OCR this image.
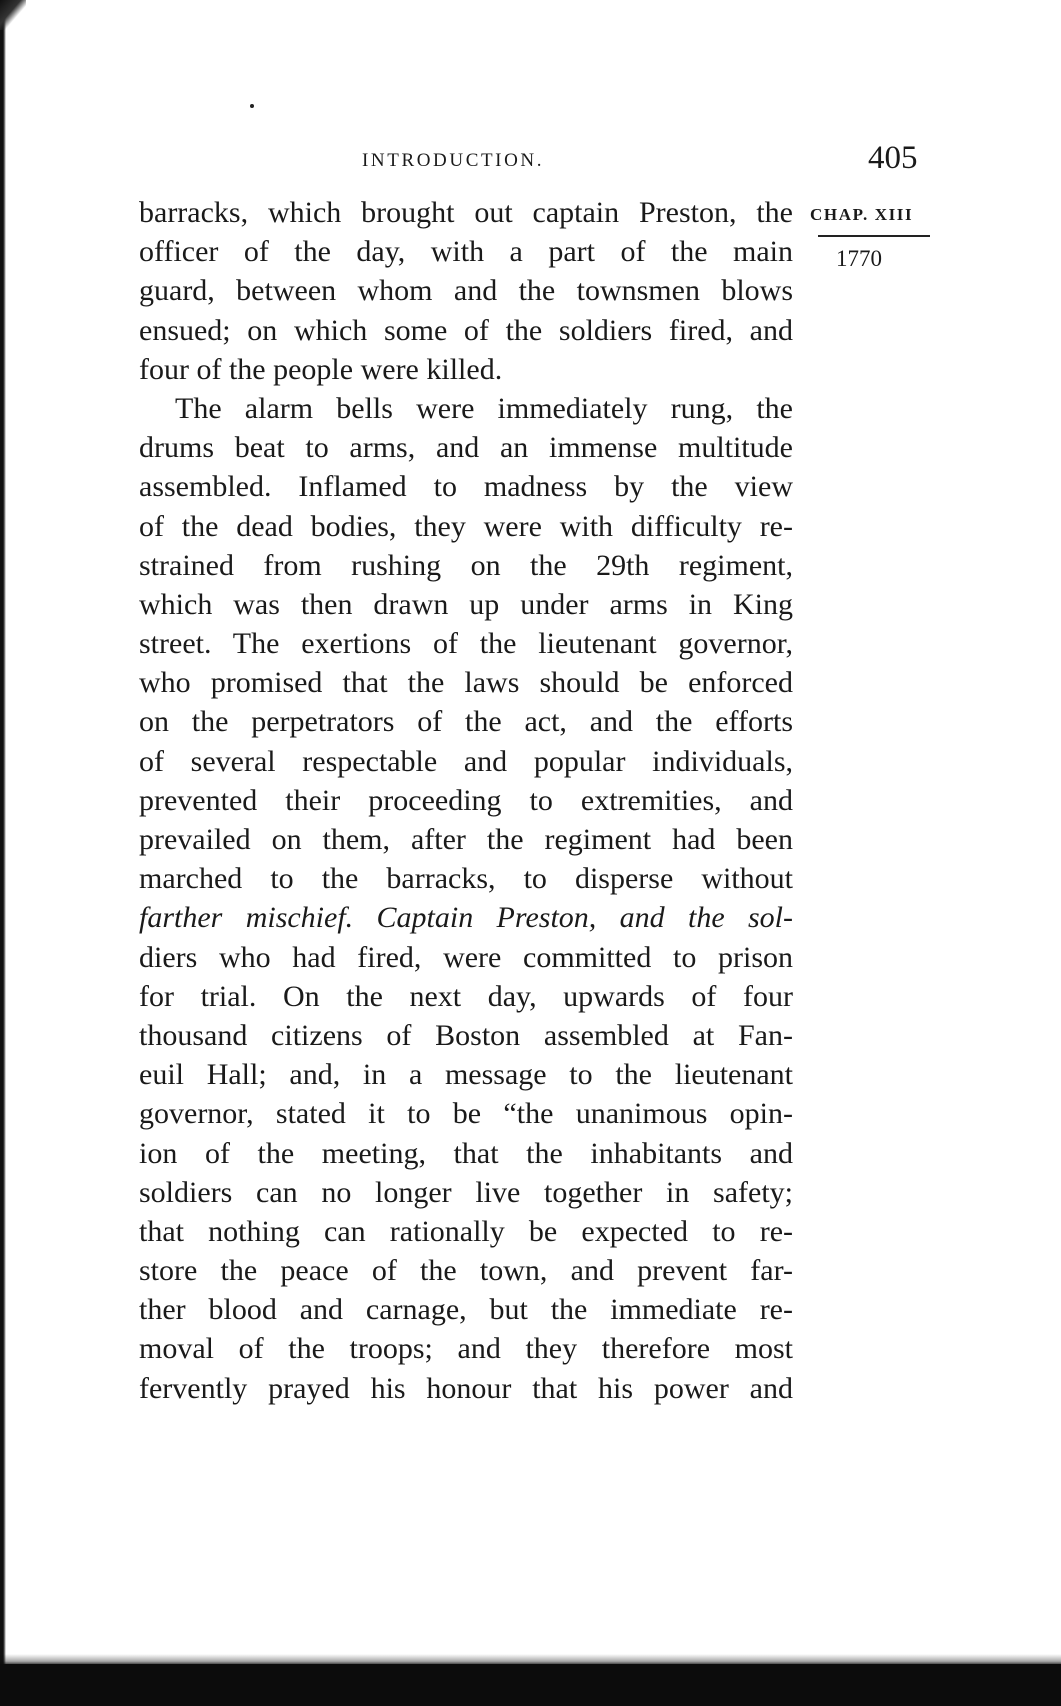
INTRODUCTION.	405
CHAP. XIII
1770
barracks, which brought out captain Preston, the
officer of the day, with a part of the main
guard, between whom and the townsmen blows
ensued; on which some of the soldiers fired, and
four of the people were killed.
The alarm bells were immediately rung, the
drums beat to arms, and an immense multitude
assembled. Inflamed to madness by the view
of the dead bodies, they were with difficulty re-
strained from rushing on the 29th regiment,
which was then drawn up under arms in King
street. The exertions of the lieutenant governor,
who promised that the laws should be enforced
on the perpetrators of the act, and the efforts
of several respectable and popular individuals,
prevented their proceeding to extremities, and
prevailed on them, after the regiment had been
marched to the barracks, to disperse without
farther mischief. Captain Preston, and the sol-
diers who had fired, were committed to prison
for trial. On the next day, upwards of four
thousand citizens of Boston assembled at Fan-
euil Hall; and, in a message to the lieutenant
governor, stated it to be “the unanimous opin-
ion of the meeting, that the inhabitants and
soldiers can no longer live together in safety;
that nothing can rationally be expected to re-
store the peace of the town, and prevent far-
ther blood and carnage, but the immediate re-
moval of the troops; and they therefore most
fervently prayed his honour that his power and
